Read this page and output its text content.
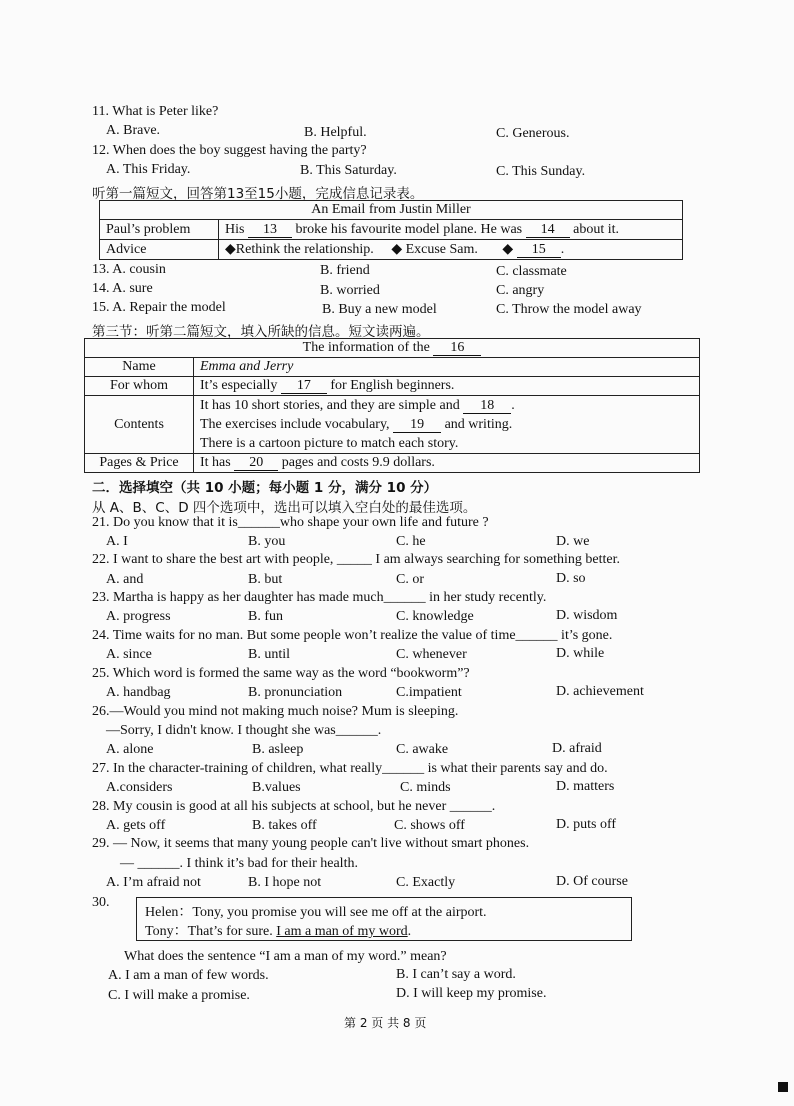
11. What is Peter like?
A. Brave.	B. Helpful.	C. Generous.
12. When does the boy suggest having the party?
A. This Friday.	B. This Saturday.	C. This Sunday.
听第一篇短文，回答第13至15小题，完成信息记录表。
An Email from Justin Miller	
Paul’s problem	His 13 broke his favourite model plane. He was 14 about it.
Advice	◆Rethink the relationship. ◆ Excuse Sam. ◆ 15 .
13. A. cousin	B. friend	C. classmate
14. A. sure	B. worried	C. angry
15. A. Repair the model	B. Buy a new model	C. Throw the model away
第三节：听第二篇短文，填入所缺的信息。短文读两遍。
The information of the 16	
Name	Emma and Jerry
For whom	It’s especially 17 for English beginners.
Contents	It has 10 short stories, and they are simple and 18 .
The exercises include vocabulary, 19 and writing.
There is a cartoon picture to match each story.

Pages & Price	It has 20 pages and costs 9.9 dollars.
二．选择填空（共 10 小题；每小题 1 分，满分 10 分）
从 A、B、C、D 四个选项中，选出可以填入空白处的最佳选项。
21. Do you know that it is______who shape your own life and future ?
A. I	B. you	C. he	D. we
22. I want to share the best art with people, _____ I am always searching for something better.
A. and	B. but	C. or	D. so
23. Martha is happy as her daughter has made much______ in her study recently.
A. progress	B. fun	C. knowledge	D. wisdom
24. Time waits for no man. But some people won’t realize the value of time______ it’s gone.
A. since	B. until	C. whenever	D. while
25. Which word is formed the same way as the word “bookworm”?
A. handbag	B. pronunciation	C.impatient	D. achievement
26.—Would you mind not making much noise? Mum is sleeping.
—Sorry, I didn't know. I thought she was______.
A. alone	B. asleep	C. awake	D. afraid
27. In the character-training of children, what really______ is what their parents say and do.
A.considers	B.values	C. minds	D. matters
28. My cousin is good at all his subjects at school, but he never ______.
A. gets off	B. takes off	C. shows off	D. puts off
29. — Now, it seems that many young people can't live without smart phones.
— ______. I think it’s bad for their health.
A. I’m afraid not	B. I hope not	C. Exactly	D. Of course
30.
Helen：Tony, you promise you will see me off at the airport.
Tony：That’s for sure. I am a man of my word.
What does the sentence “I am a man of my word.” mean?
A. I am a man of few words.	B. I can’t say a word.
C. I will make a promise.	D. I will keep my promise.
第 2 页 共 8 页
